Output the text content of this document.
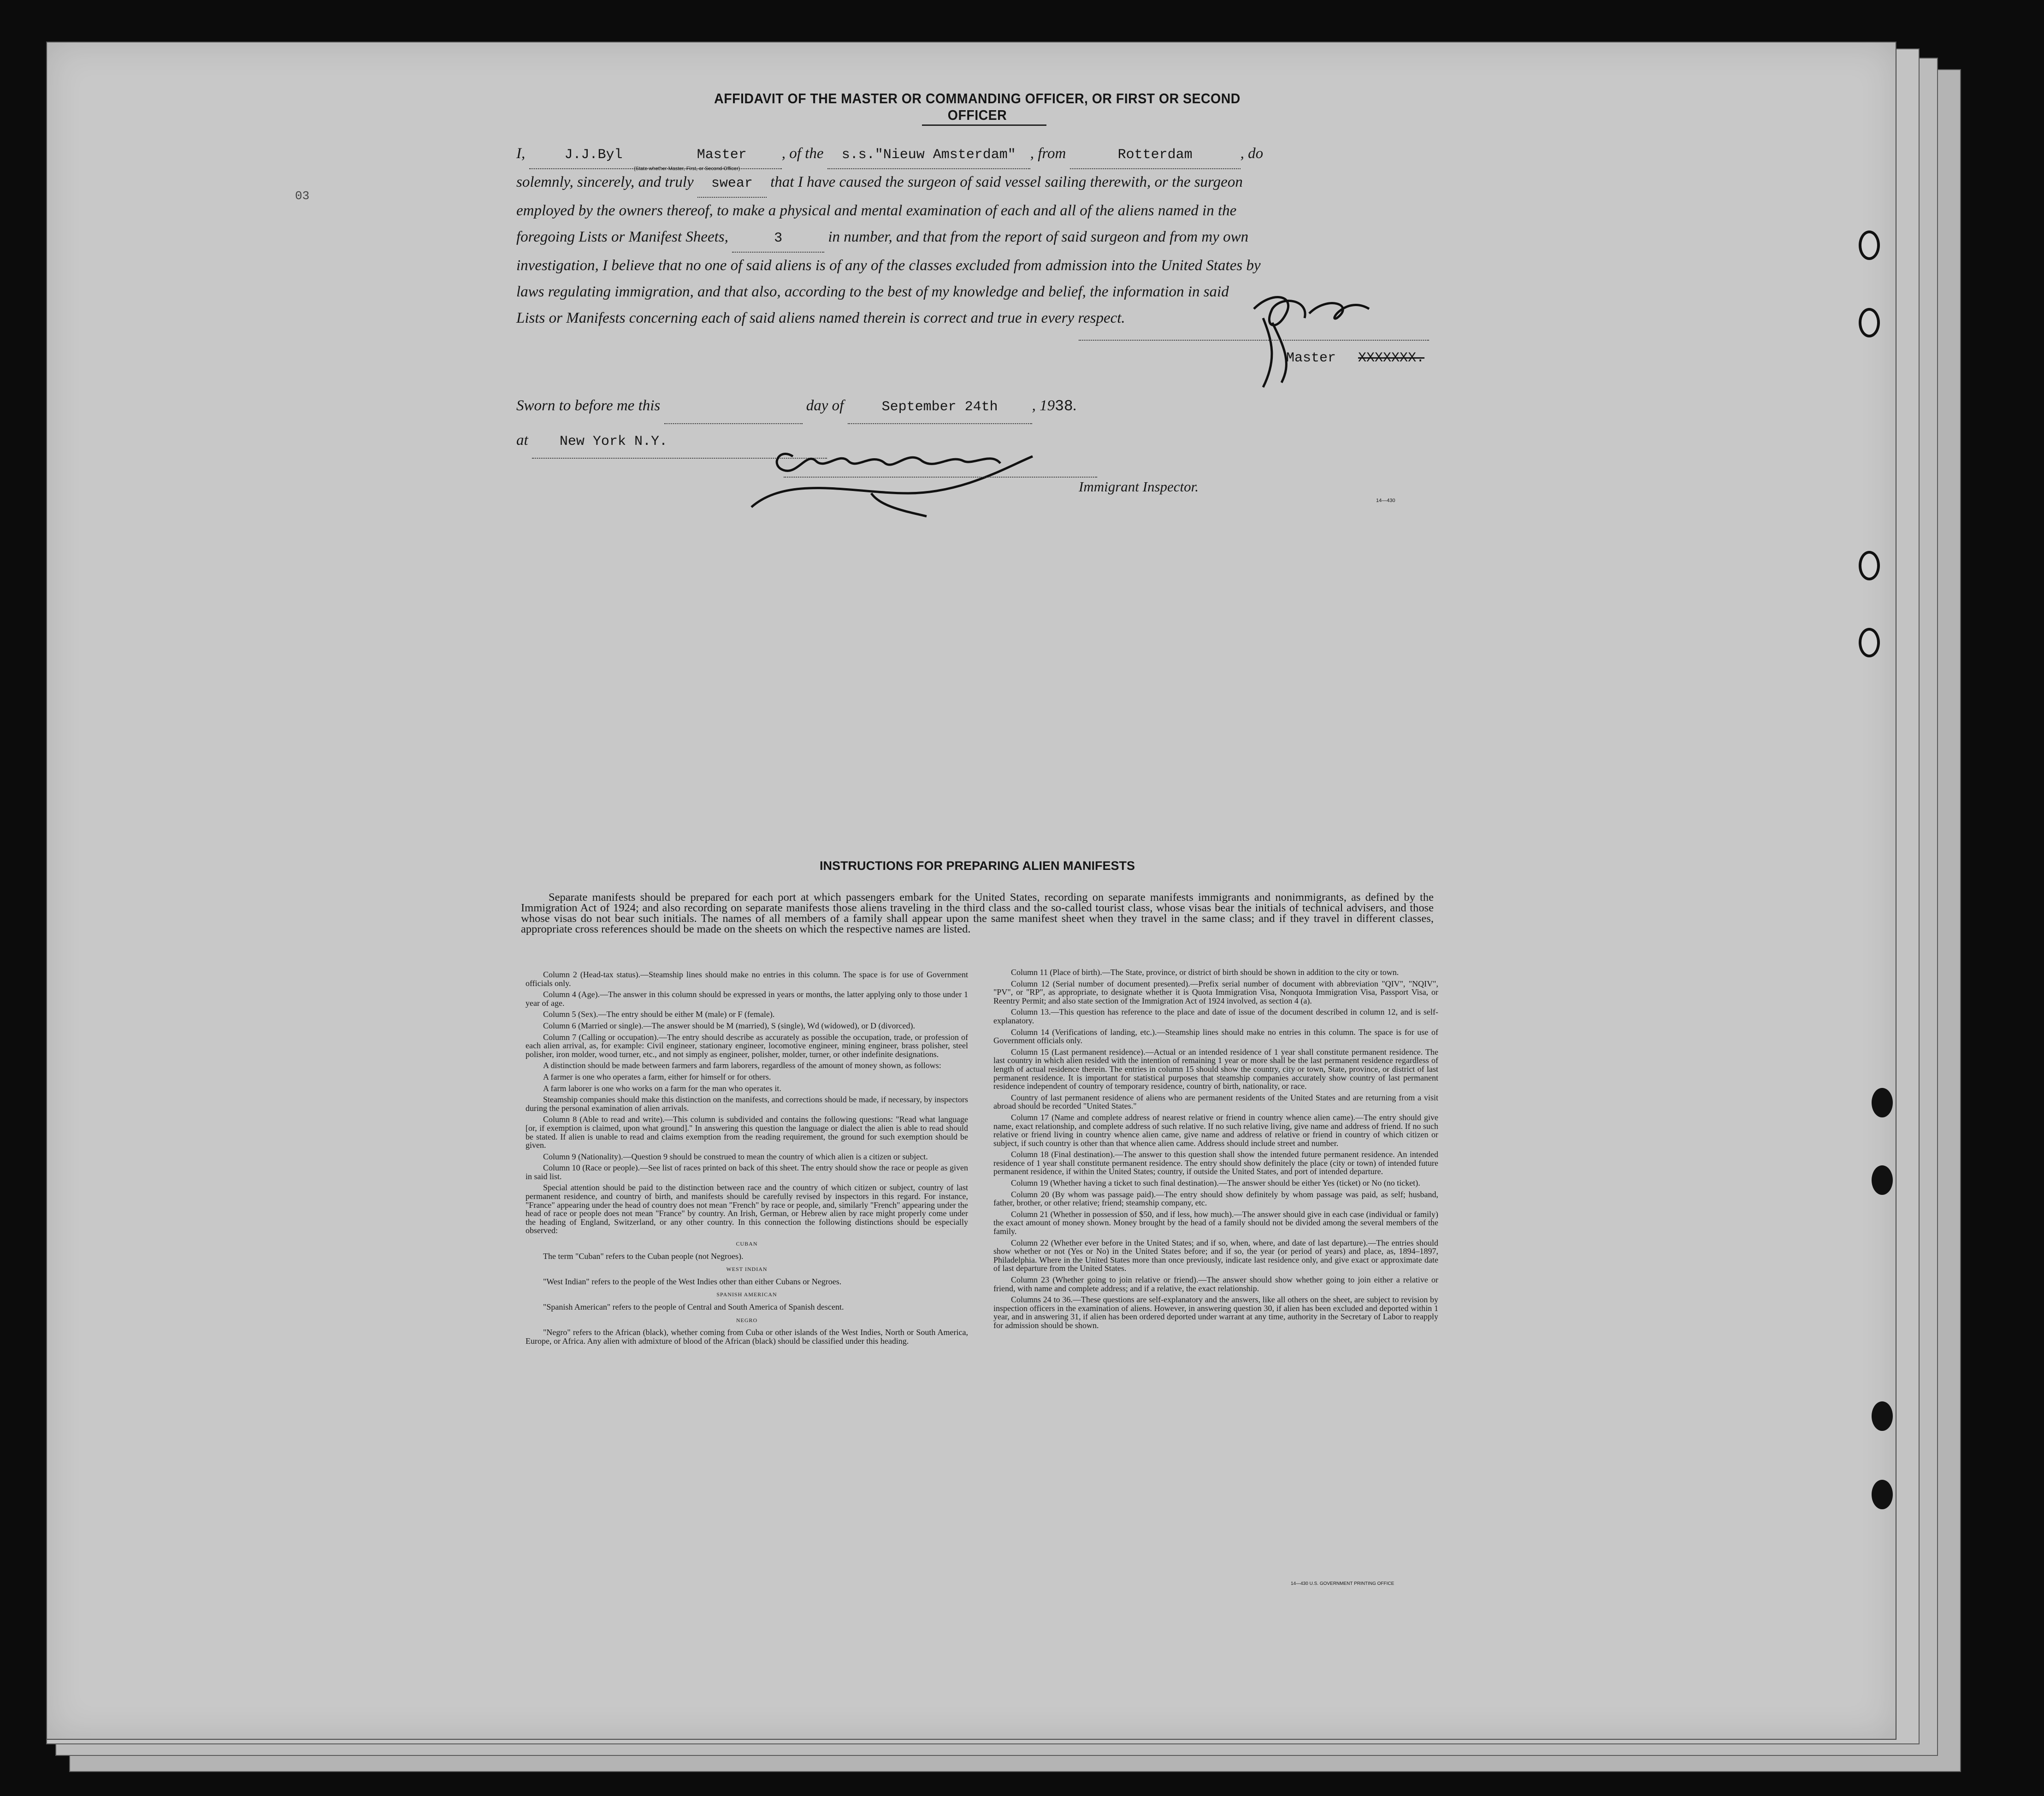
03
AFFIDAVIT OF THE MASTER OR COMMANDING OFFICER, OR FIRST OR SECOND OFFICER
I,	J.J.Byl	Master , of the s.s."Nieuw Amsterdam" , from	Rotterdam	, do
solemnly, sincerely, and truly swear that I have caused the surgeon of said vessel sailing therewith, or the surgeon
employed by the owners thereof, to make a physical and mental examination of each and all of the aliens named in the
foregoing Lists or Manifest Sheets,	3	in number, and that from the report of said surgeon and from my own
investigation, I believe that no one of said aliens is of any of the classes excluded from admission into the United States by
laws regulating immigration, and that also, according to the best of my knowledge and belief, the information in said
Lists or Manifests concerning each of said aliens named therein is correct and true in every respect.
(State whether Master, First, or Second Officer)
Master XXXXXXX.
Sworn to before me this	day of	September 24th , 1938.
at New York N.Y.
Immigrant Inspector.
14—430
INSTRUCTIONS FOR PREPARING ALIEN MANIFESTS
Separate manifests should be prepared for each port at which passengers embark for the United States, recording on separate manifests immigrants and nonimmigrants, as defined by the Immigration Act of 1924; and also recording on separate manifests those aliens traveling in the third class and the so-called tourist class, whose visas bear the initials of technical advisers, and those whose visas do not bear such initials. The names of all members of a family shall appear upon the same manifest sheet when they travel in the same class; and if they travel in different classes, appropriate cross references should be made on the sheets on which the respective names are listed.

Column 2 (Head-tax status).—Steamship lines should make no entries in this column. The space is for use of Government officials only.

Column 4 (Age).—The answer in this column should be expressed in years or months, the latter applying only to those under 1 year of age.

Column 5 (Sex).—The entry should be either M (male) or F (female).

Column 6 (Married or single).—The answer should be M (married), S (single), Wd (widowed), or D (divorced).

Column 7 (Calling or occupation).—The entry should describe as accurately as possible the occupation, trade, or profession of each alien arrival, as, for example: Civil engineer, stationary engineer, locomotive engineer, mining engineer, brass polisher, steel polisher, iron molder, wood turner, etc., and not simply as engineer, polisher, molder, turner, or other indefinite designations.

A distinction should be made between farmers and farm laborers, regardless of the amount of money shown, as follows:

A farmer is one who operates a farm, either for himself or for others.

A farm laborer is one who works on a farm for the man who operates it.

Steamship companies should make this distinction on the manifests, and corrections should be made, if necessary, by inspectors during the personal examination of alien arrivals.

Column 8 (Able to read and write).—This column is subdivided and contains the following questions: "Read what language [or, if exemption is claimed, upon what ground]." In answering this question the language or dialect the alien is able to read should be stated. If alien is unable to read and claims exemption from the reading requirement, the ground for such exemption should be given.

Column 9 (Nationality).—Question 9 should be construed to mean the country of which alien is a citizen or subject.

Column 10 (Race or people).—See list of races printed on back of this sheet. The entry should show the race or people as given in said list.

Special attention should be paid to the distinction between race and the country of which citizen or subject, country of last permanent residence, and country of birth, and manifests should be carefully revised by inspectors in this regard. For instance, "France" appearing under the head of country does not mean "French" by race or people, and, similarly "French" appearing under the head of race or people does not mean "France" by country. An Irish, German, or Hebrew alien by race might properly come under the heading of England, Switzerland, or any other country. In this connection the following distinctions should be especially observed:

CUBAN

The term "Cuban" refers to the Cuban people (not Negroes).

WEST INDIAN

"West Indian" refers to the people of the West Indies other than either Cubans or Negroes.

SPANISH AMERICAN

"Spanish American" refers to the people of Central and South America of Spanish descent.

NEGRO

"Negro" refers to the African (black), whether coming from Cuba or other islands of the West Indies, North or South America, Europe, or Africa. Any alien with admixture of blood of the African (black) should be classified under this heading.

Column 11 (Place of birth).—The State, province, or district of birth should be shown in addition to the city or town.

Column 12 (Serial number of document presented).—Prefix serial number of document with abbreviation "QIV", "NQIV", "PV", or "RP", as appropriate, to designate whether it is Quota Immigration Visa, Nonquota Immigration Visa, Passport Visa, or Reentry Permit; and also state section of the Immigration Act of 1924 involved, as section 4 (a).

Column 13.—This question has reference to the place and date of issue of the document described in column 12, and is self-explanatory.

Column 14 (Verifications of landing, etc.).—Steamship lines should make no entries in this column. The space is for use of Government officials only.

Column 15 (Last permanent residence).—Actual or an intended residence of 1 year shall constitute permanent residence. The last country in which alien resided with the intention of remaining 1 year or more shall be the last permanent residence regardless of length of actual residence therein. The entries in column 15 should show the country, city or town, State, province, or district of last permanent residence. It is important for statistical purposes that steamship companies accurately show country of last permanent residence independent of country of temporary residence, country of birth, nationality, or race.

Country of last permanent residence of aliens who are permanent residents of the United States and are returning from a visit abroad should be recorded "United States."

Column 17 (Name and complete address of nearest relative or friend in country whence alien came).—The entry should give name, exact relationship, and complete address of such relative. If no such relative living, give name and address of friend. If no such relative or friend living in country whence alien came, give name and address of relative or friend in country of which citizen or subject, if such country is other than that whence alien came. Address should include street and number.

Column 18 (Final destination).—The answer to this question shall show the intended future permanent residence. An intended residence of 1 year shall constitute permanent residence. The entry should show definitely the place (city or town) of intended future permanent residence, if within the United States; country, if outside the United States, and port of intended departure.

Column 19 (Whether having a ticket to such final destination).—The answer should be either Yes (ticket) or No (no ticket).

Column 20 (By whom was passage paid).—The entry should show definitely by whom passage was paid, as self; husband, father, brother, or other relative; friend; steamship company, etc.

Column 21 (Whether in possession of $50, and if less, how much).—The answer should give in each case (individual or family) the exact amount of money shown. Money brought by the head of a family should not be divided among the several members of the family.

Column 22 (Whether ever before in the United States; and if so, when, where, and date of last departure).—The entries should show whether or not (Yes or No) in the United States before; and if so, the year (or period of years) and place, as, 1894–1897, Philadelphia. Where in the United States more than once previously, indicate last residence only, and give exact or approximate date of last departure from the United States.

Column 23 (Whether going to join relative or friend).—The answer should show whether going to join either a relative or friend, with name and complete address; and if a relative, the exact relationship.

Columns 24 to 36.—These questions are self-explanatory and the answers, like all others on the sheet, are subject to revision by inspection officers in the examination of aliens. However, in answering question 30, if alien has been excluded and deported within 1 year, and in answering 31, if alien has been ordered deported under warrant at any time, authority in the Secretary of Labor to reapply for admission should be shown.

14—430 U.S. GOVERNMENT PRINTING OFFICE
